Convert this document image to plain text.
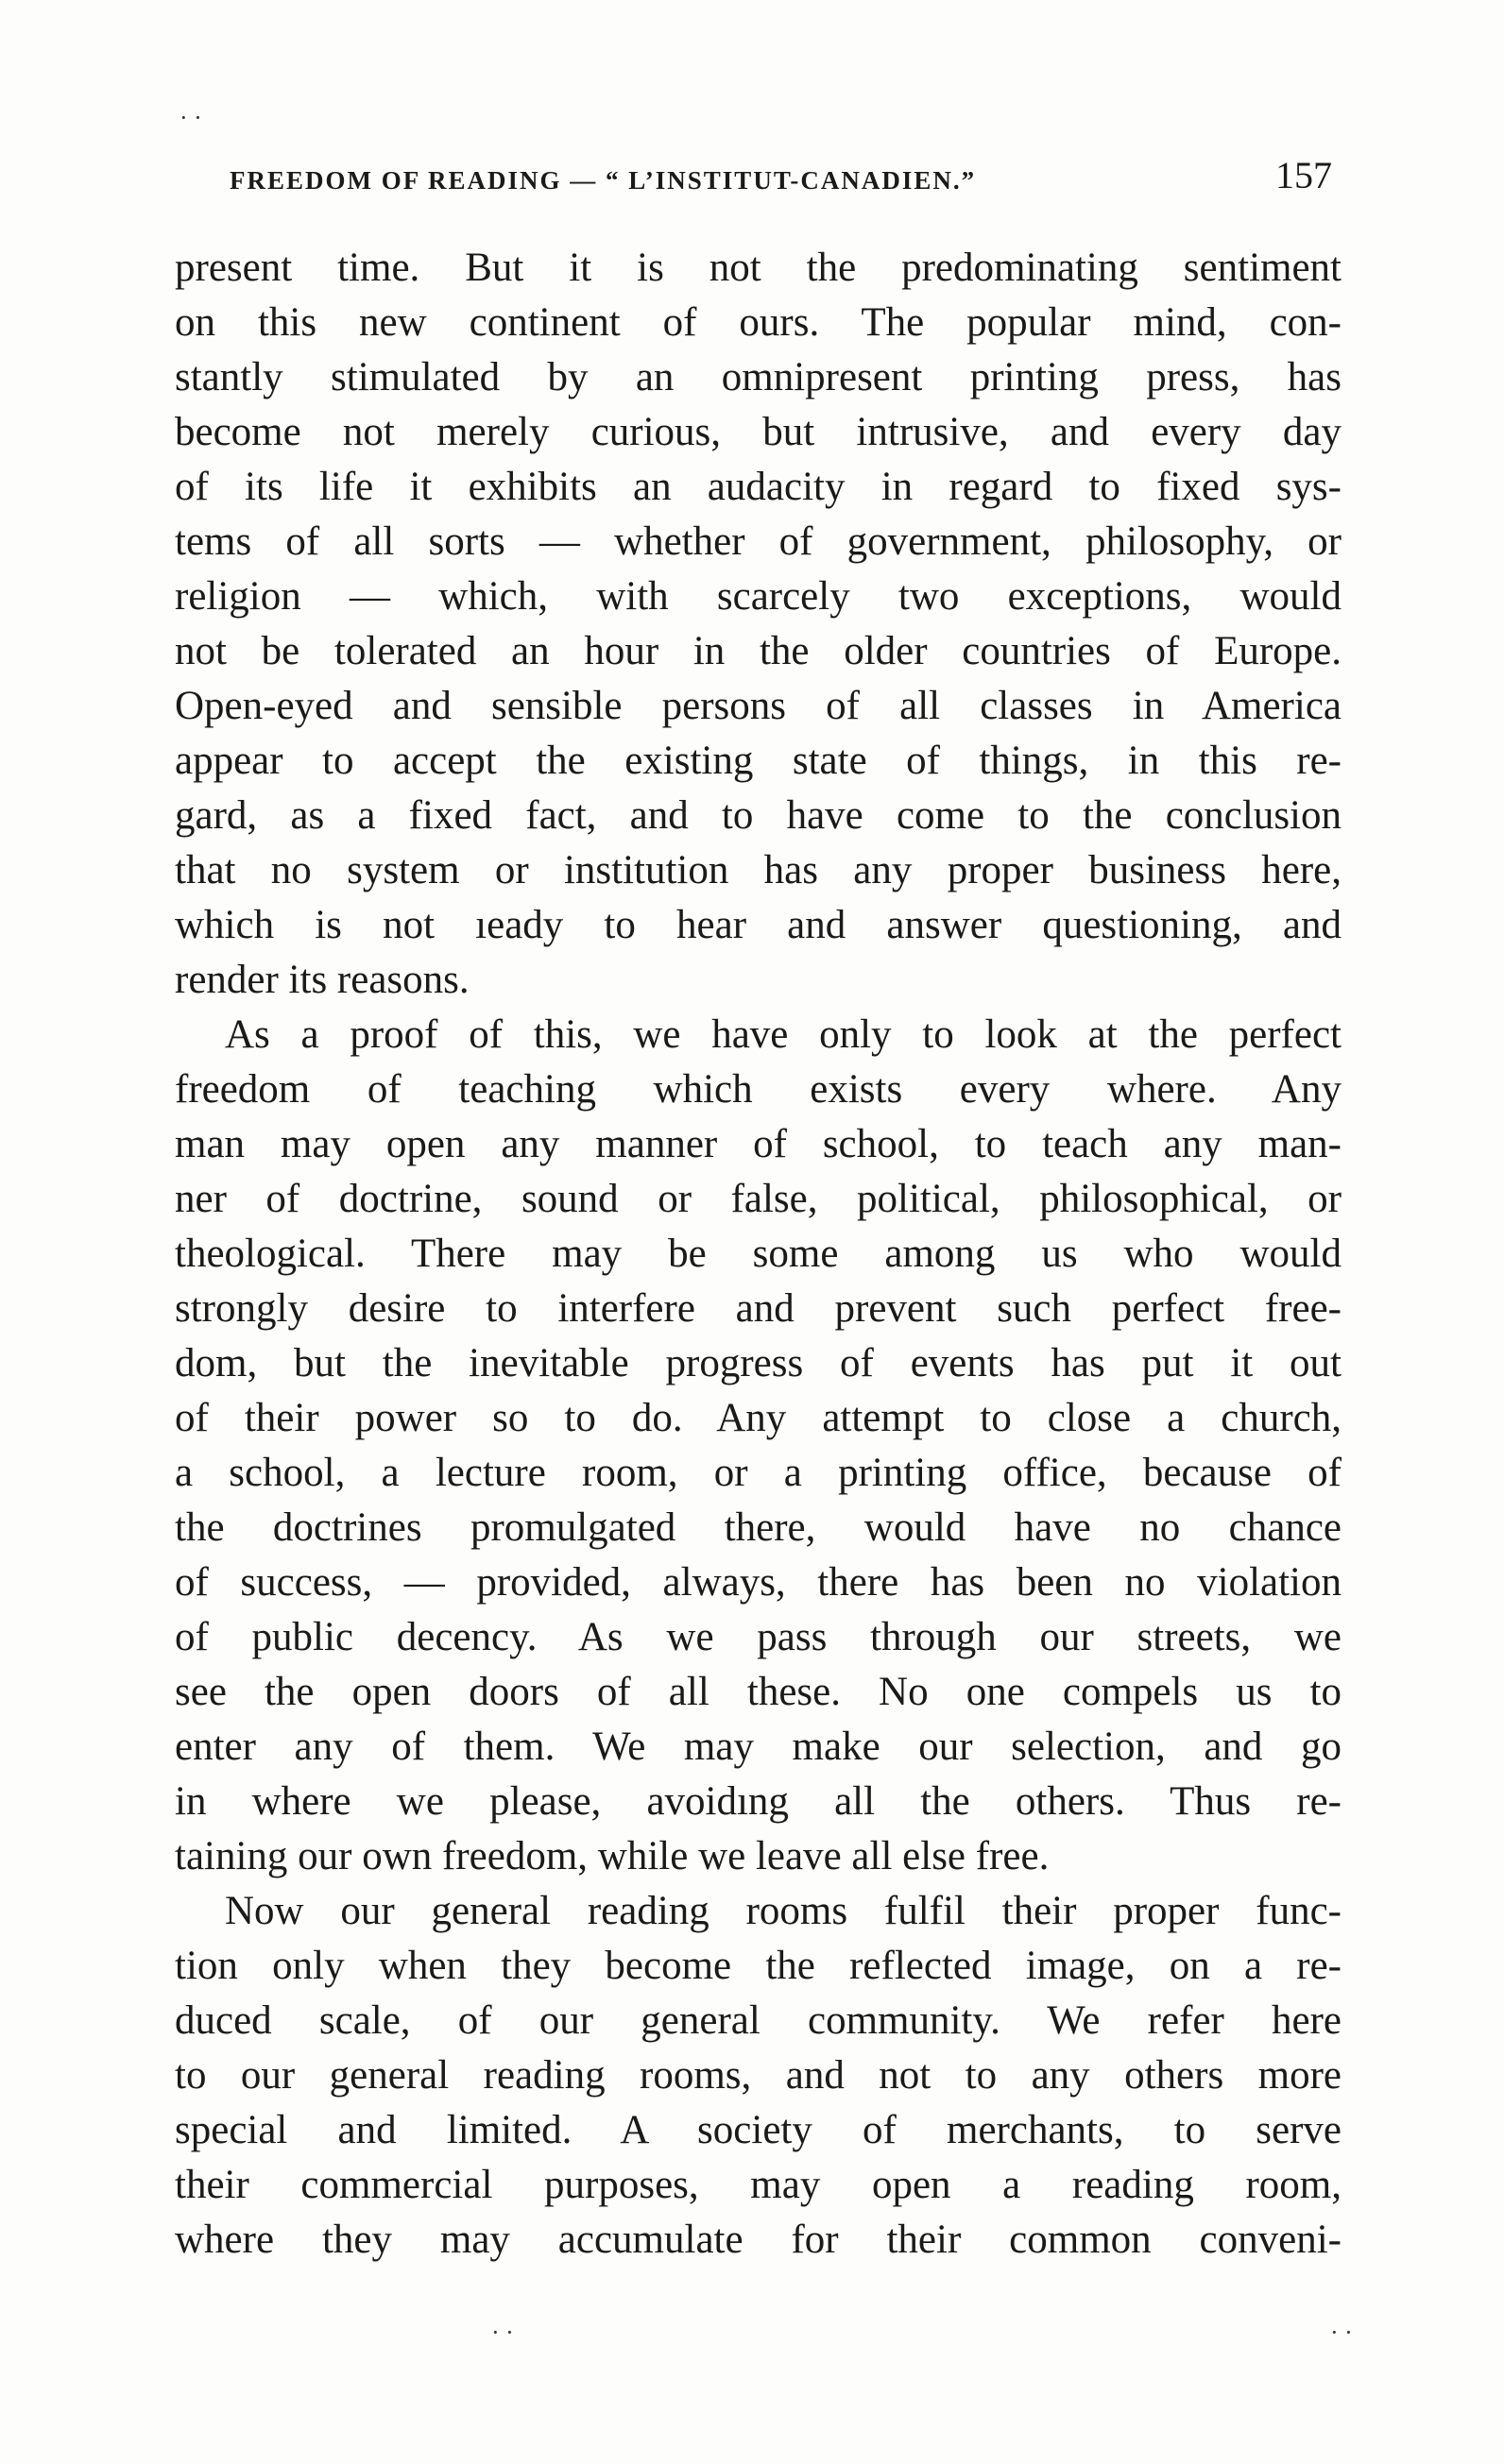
FREEDOM OF READING — “ L’INSTITUT-CANADIEN.”	157
present time. But it is not the predominating sentiment
on this new continent of ours. The popular mind, con-
stantly stimulated by an omnipresent printing press, has
become not merely curious, but intrusive, and every day
of its life it exhibits an audacity in regard to fixed sys-
tems of all sorts — whether of government, philosophy, or
religion — which, with scarcely two exceptions, would
not be tolerated an hour in the older countries of Europe.
Open-eyed and sensible persons of all classes in America
appear to accept the existing state of things, in this re-
gard, as a fixed fact, and to have come to the conclusion
that no system or institution has any proper business here,
which is not ıeady to hear and answer questioning, and
render its reasons.
As a proof of this, we have only to look at the perfect
freedom of teaching which exists every where. Any
man may open any manner of school, to teach any man-
ner of doctrine, sound or false, political, philosophical, or
theological. There may be some among us who would
strongly desire to interfere and prevent such perfect free-
dom, but the inevitable progress of events has put it out
of their power so to do. Any attempt to close a church,
a school, a lecture room, or a printing office, because of
the doctrines promulgated there, would have no chance
of success, — provided, always, there has been no violation
of public decency. As we pass through our streets, we
see the open doors of all these. No one compels us to
enter any of them. We may make our selection, and go
in where we please, avoidıng all the others. Thus re-
taining our own freedom, while we leave all else free.
Now our general reading rooms fulfil their proper func-
tion only when they become the reflected image, on a re-
duced scale, of our general community. We refer here
to our general reading rooms, and not to any others more
special and limited. A society of merchants, to serve
their commercial purposes, may open a reading room,
where they may accumulate for their common conveni-
· ·
· ·	· ·
